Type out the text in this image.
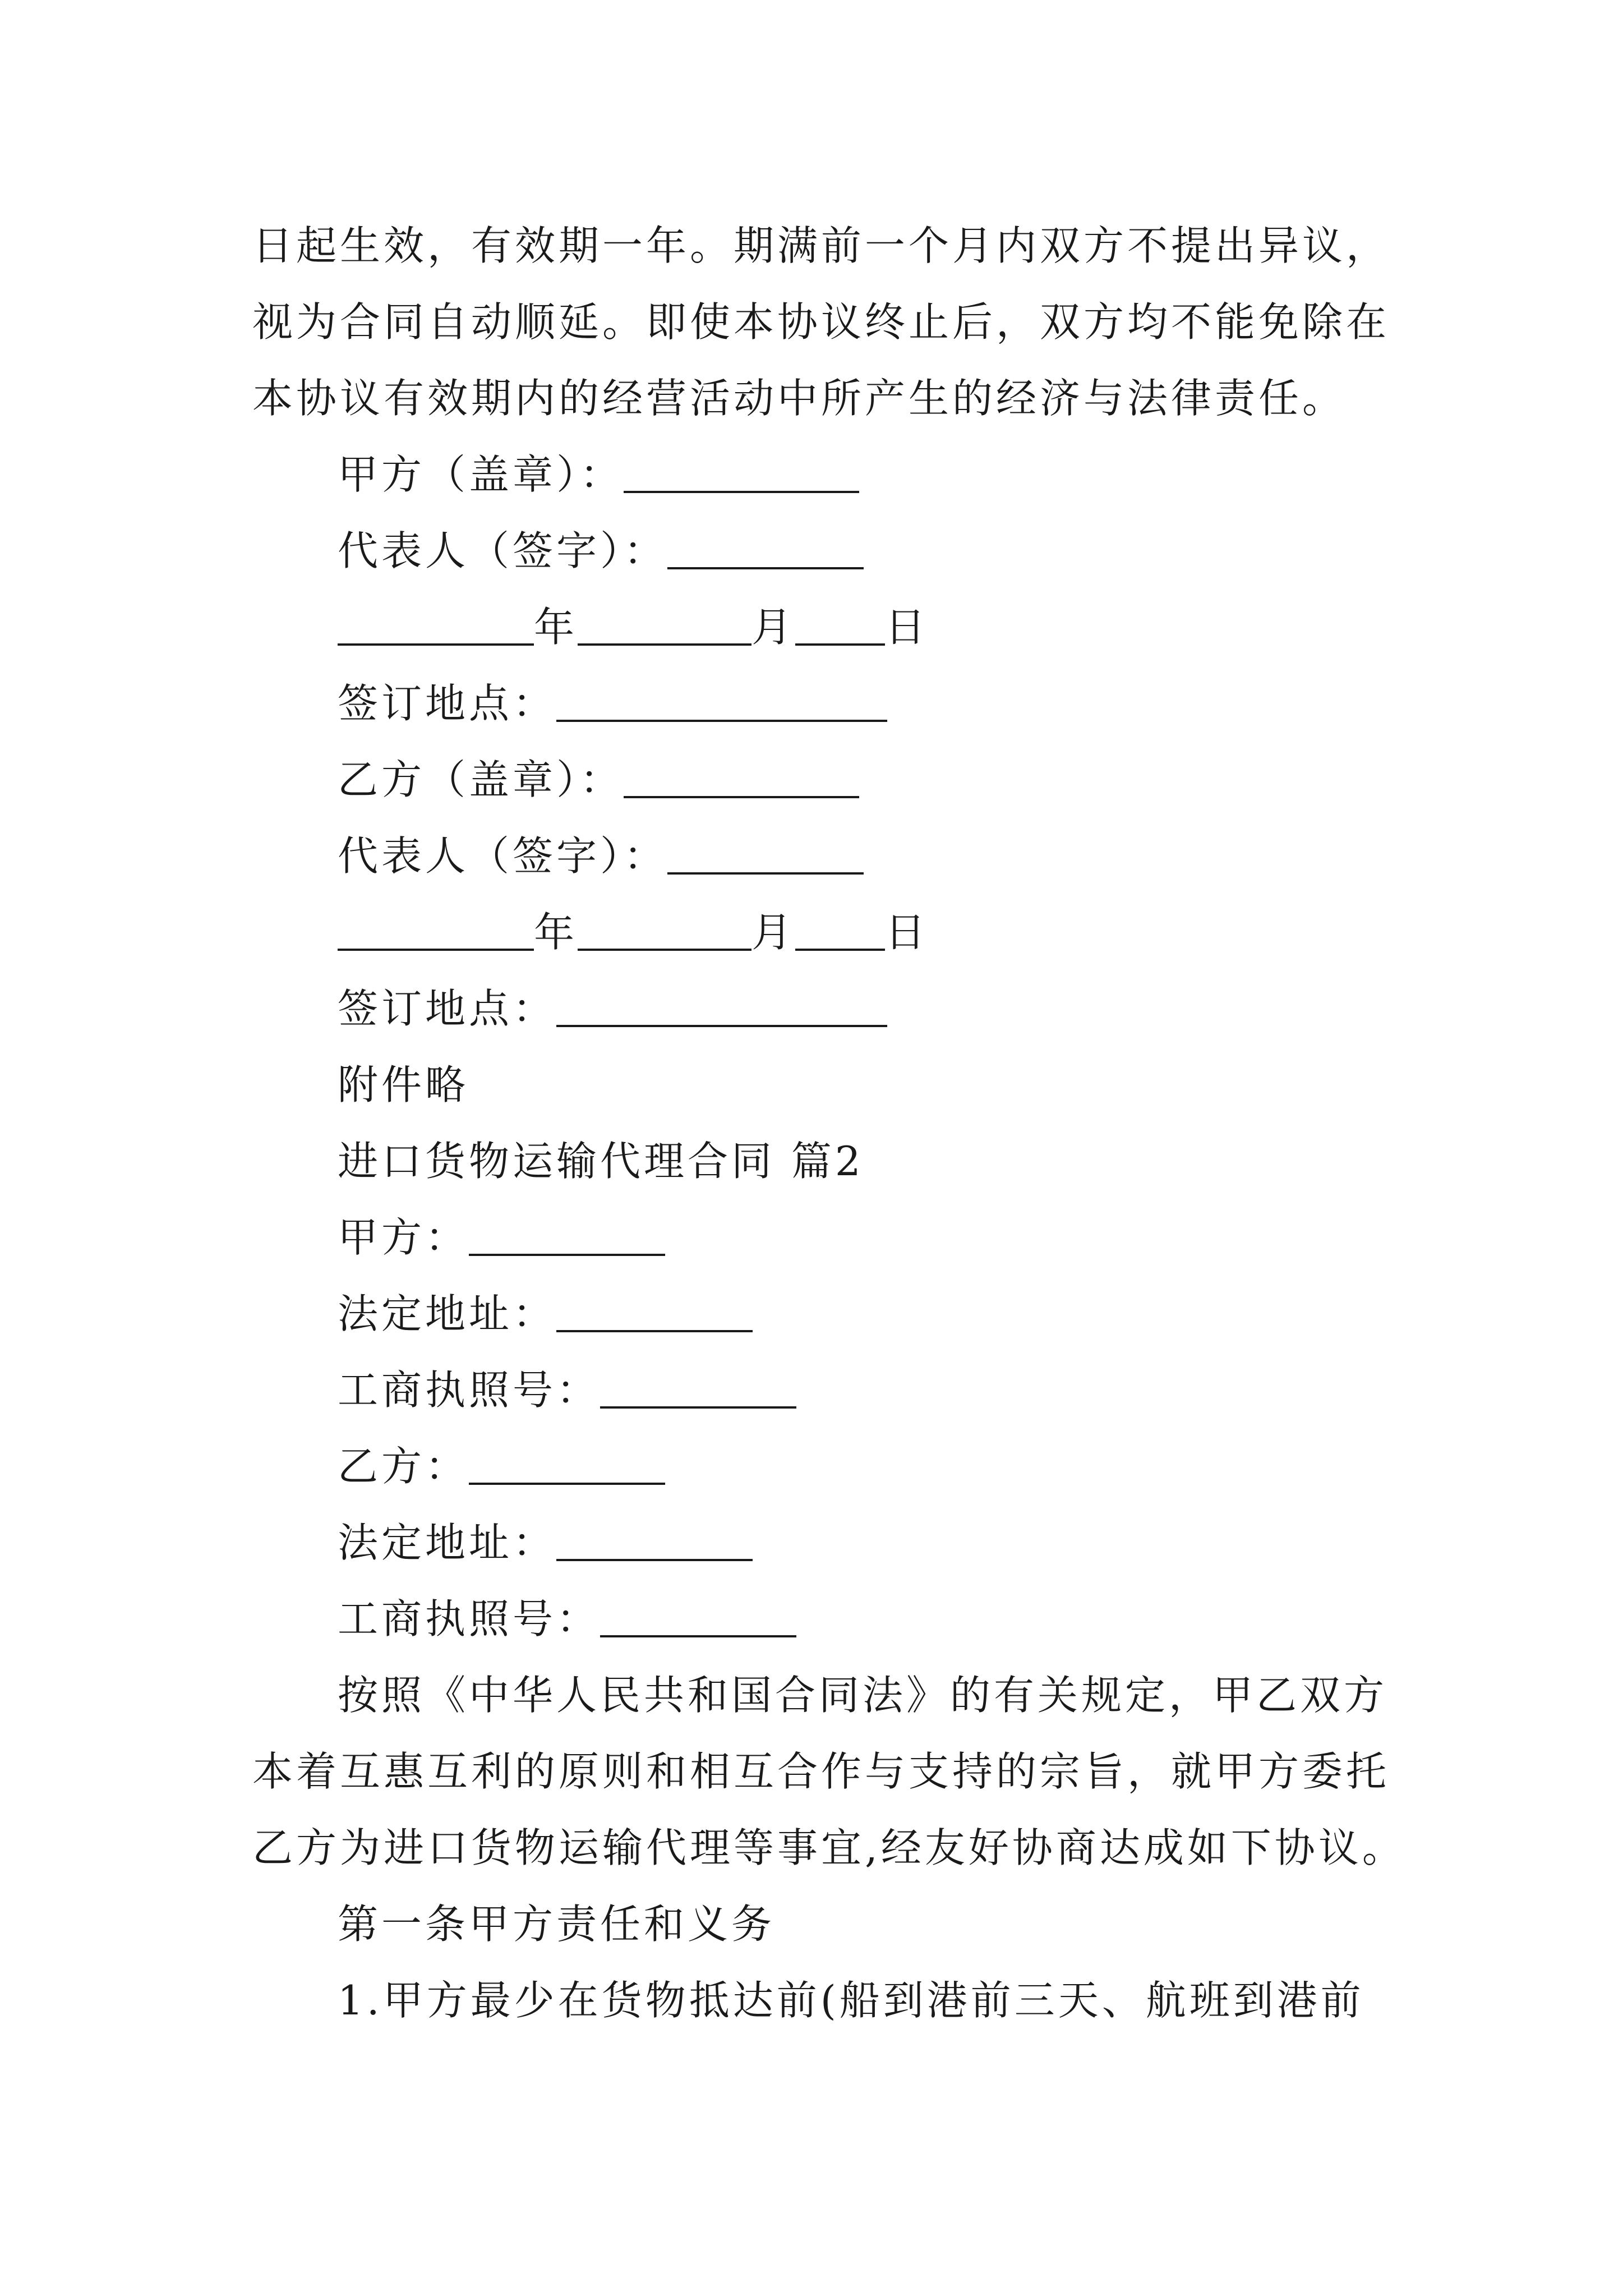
日起生效，有效期一年。期满前一个月内双方不提出异议，
视为合同自动顺延。即使本协议终止后，双方均不能免除在
本协议有效期内的经营活动中所产生的经济与法律责任。
甲方（盖章）：
代表人（签字）：
年	月 日
签订地点：
乙方（盖章）：
代表人（签字）：
年	月 日
签订地点：
附件略
进口货物运输代理合同 篇2
甲方：
法定地址：
工商执照号：
乙方：
法定地址：
工商执照号：
按照《中华人民共和国合同法》的有关规定，甲乙双方
本着互惠互利的原则和相互合作与支持的宗旨，就甲方委托
乙方为进口货物运输代理等事宜,经友好协商达成如下协议。
第一条甲方责任和义务
1.甲方最少在货物抵达前(船到港前三天、航班到港前
